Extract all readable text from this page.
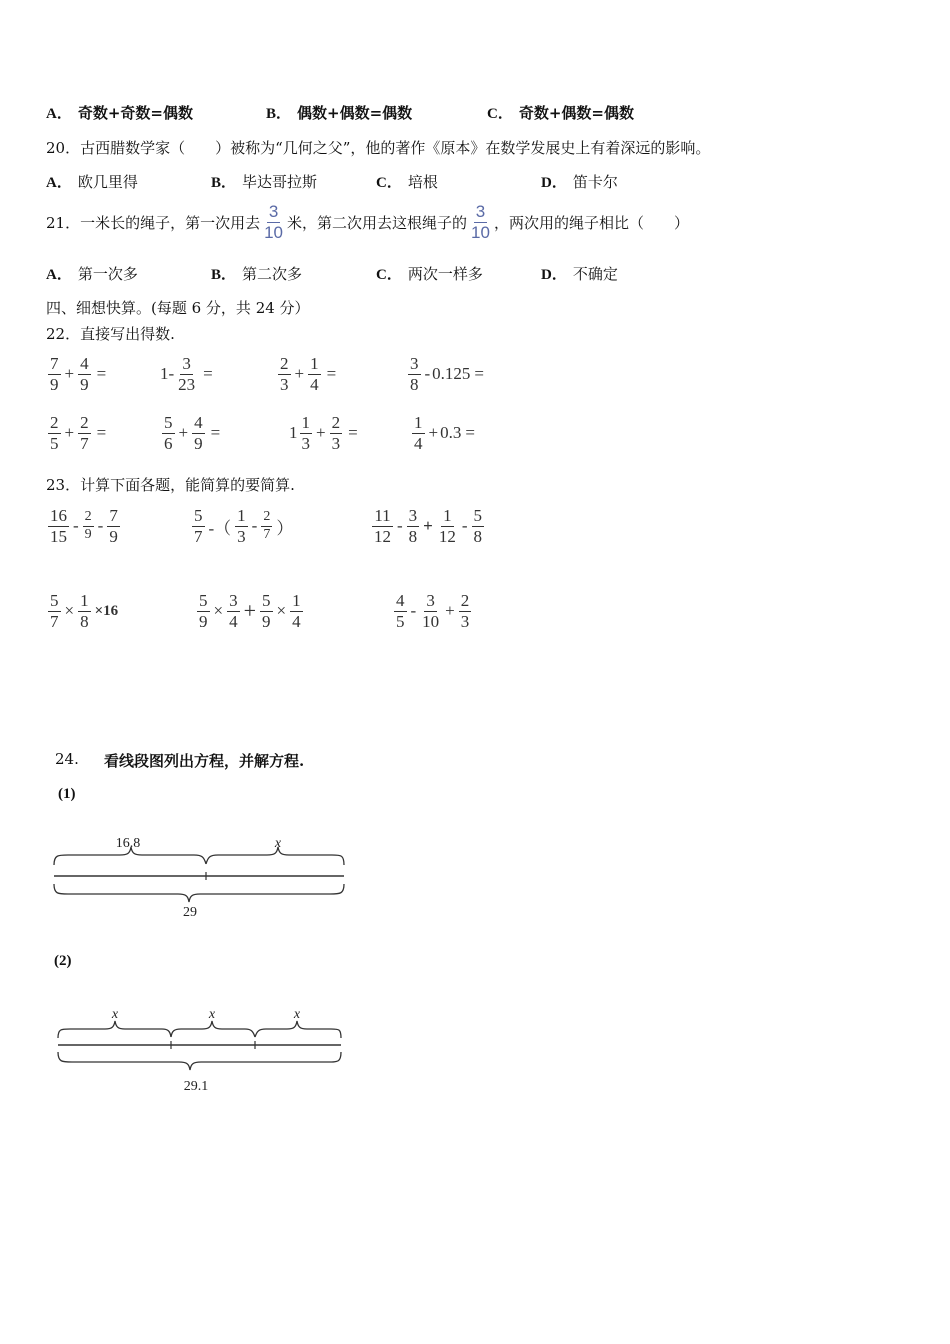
A． 奇数+奇数=偶数	B． 偶数+偶数=偶数	C． 奇数+偶数=偶数
20．古西腊数学家（　　）被称为“几何之父”，他的著作《原本》在数学发展史上有着深远的影响。
A． 欧几里得	B． 毕达哥拉斯	C． 培根	D． 笛卡尔
21．一米长的绳子，第一次用去 $\frac{3}{10}$ 米，第二次用去这根绳子的 $\frac{3}{10}$ ，两次用的绳子相比（　　）
A． 第一次多	B． 第二次多	C． 两次一样多	D． 不确定
四、细想快算。(每题 6 分，共 24 分）
22．直接写出得数.
$\frac{7}{9} + \frac{4}{9}$ =	$1- \frac{3}{23}$ =	$\frac{2}{3} + \frac{1}{4}$ =	$\frac{3}{8} - 0.125$ =
$\frac{2}{5} + \frac{2}{7}$ =	$\frac{5}{6} + \frac{4}{9}$ =	$1 \frac{1}{3} + \frac{2}{3}$ =	$\frac{1}{4} + 0.3$ =
23．计算下面各题，能简算的要简算.
$\frac{16}{15} - \frac{2}{9} - \frac{7}{9}$	$\frac{5}{7}$ -（ $\frac{1}{3} - \frac{2}{7}$ ）	$\frac{11}{12} - \frac{3}{8} + \frac{1}{12} - \frac{5}{8}$
$\frac{5}{7} \times \frac{1}{8} \times 16$	$\frac{5}{9} \times \frac{3}{4} + \frac{5}{9} \times \frac{1}{4}$	$\frac{4}{5} - \frac{3}{10} + \frac{2}{3}$
24. 看线段图列出方程，并解方程.
(1)
16.8	x
29
(2)
x	x	x
29.1
